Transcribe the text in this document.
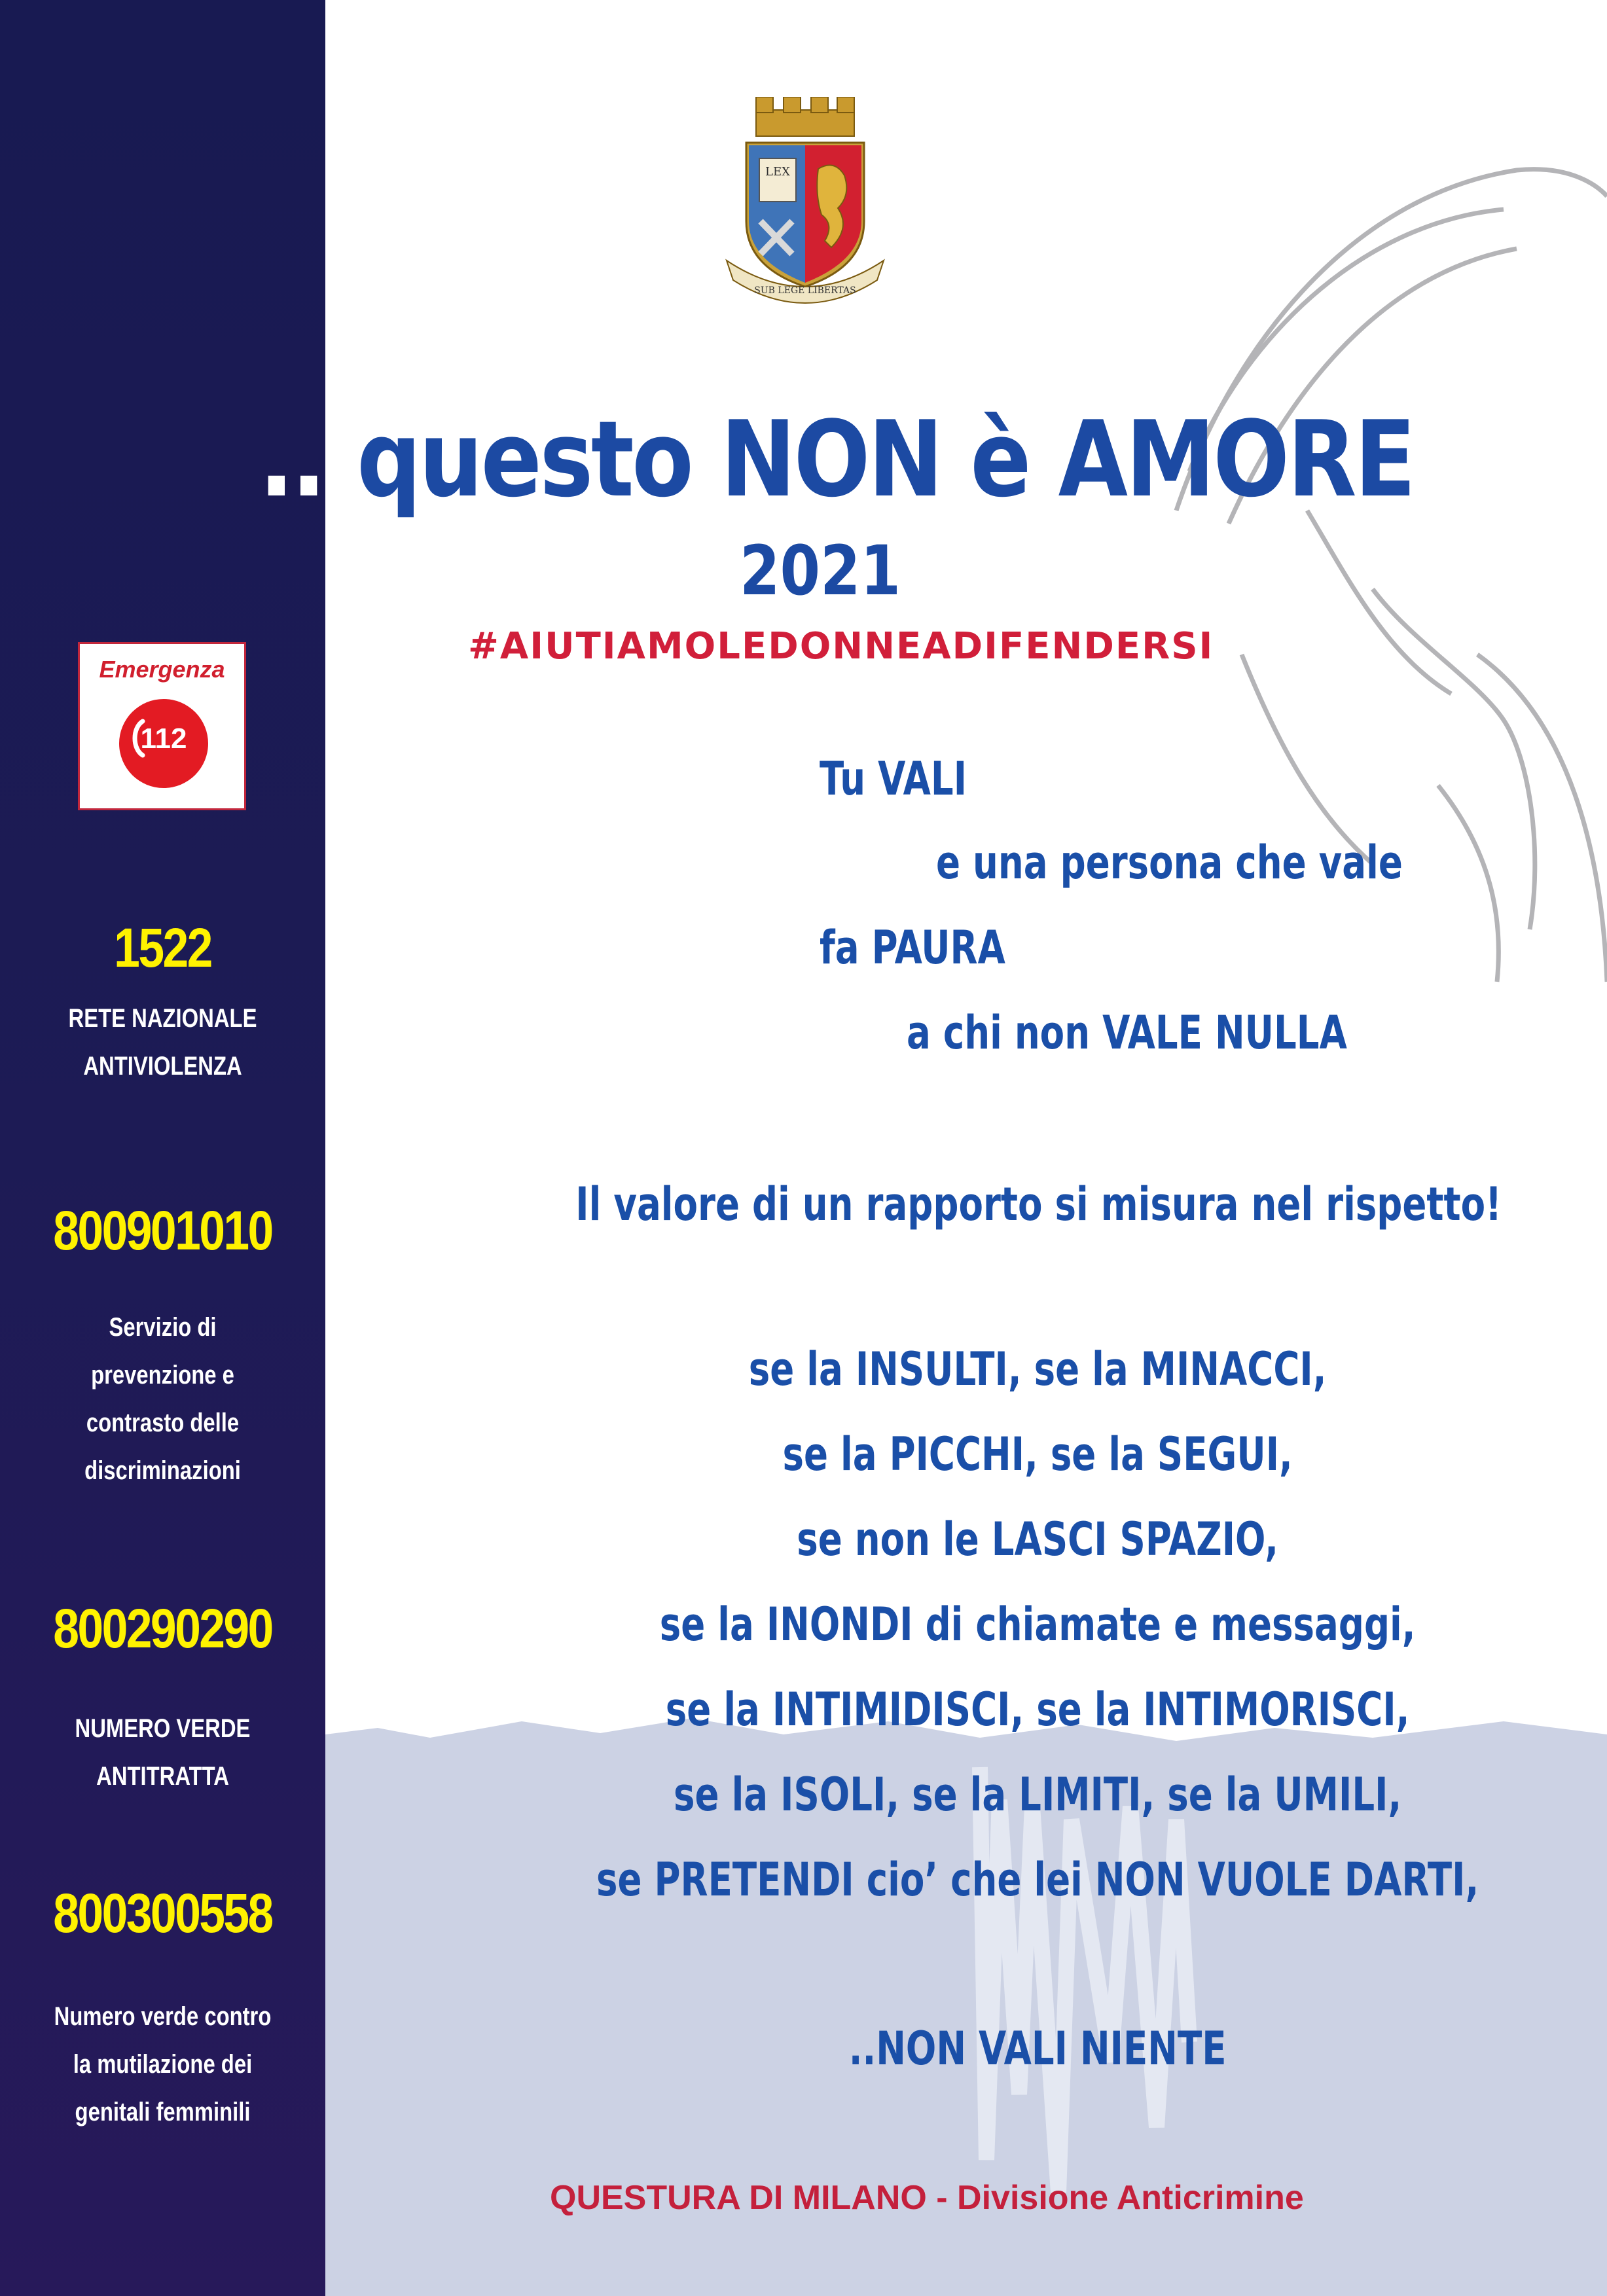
Emergenza
112
1522
RETE NAZIONALE
ANTIVIOLENZA
800901010
Servizio di
prevenzione e
contrasto delle
discriminazioni
800290290
NUMERO VERDE
ANTITRATTA
800300558
Numero verde contro
la mutilazione dei
genitali femminili
LEX
SUB LEGE LIBERTAS
... questo NON è AMORE
2021
#AIUTIAMOLEDONNEADIFENDERSI
Tu VALI
e una persona che vale
fa PAURA
a chi non VALE NULLA
Il valore di un rapporto si misura nel rispetto!
se la INSULTI, se la MINACCI,
se la PICCHI, se la SEGUI,
se non le LASCI SPAZIO,
se la INONDI di chiamate e messaggi,
se la INTIMIDISCI, se la INTIMORISCI,
se la ISOLI, se la LIMITI, se la UMILI,
se PRETENDI cio’ che lei NON VUOLE DARTI,
..NON VALI NIENTE
QUESTURA DI MILANO - Divisione Anticrimine
